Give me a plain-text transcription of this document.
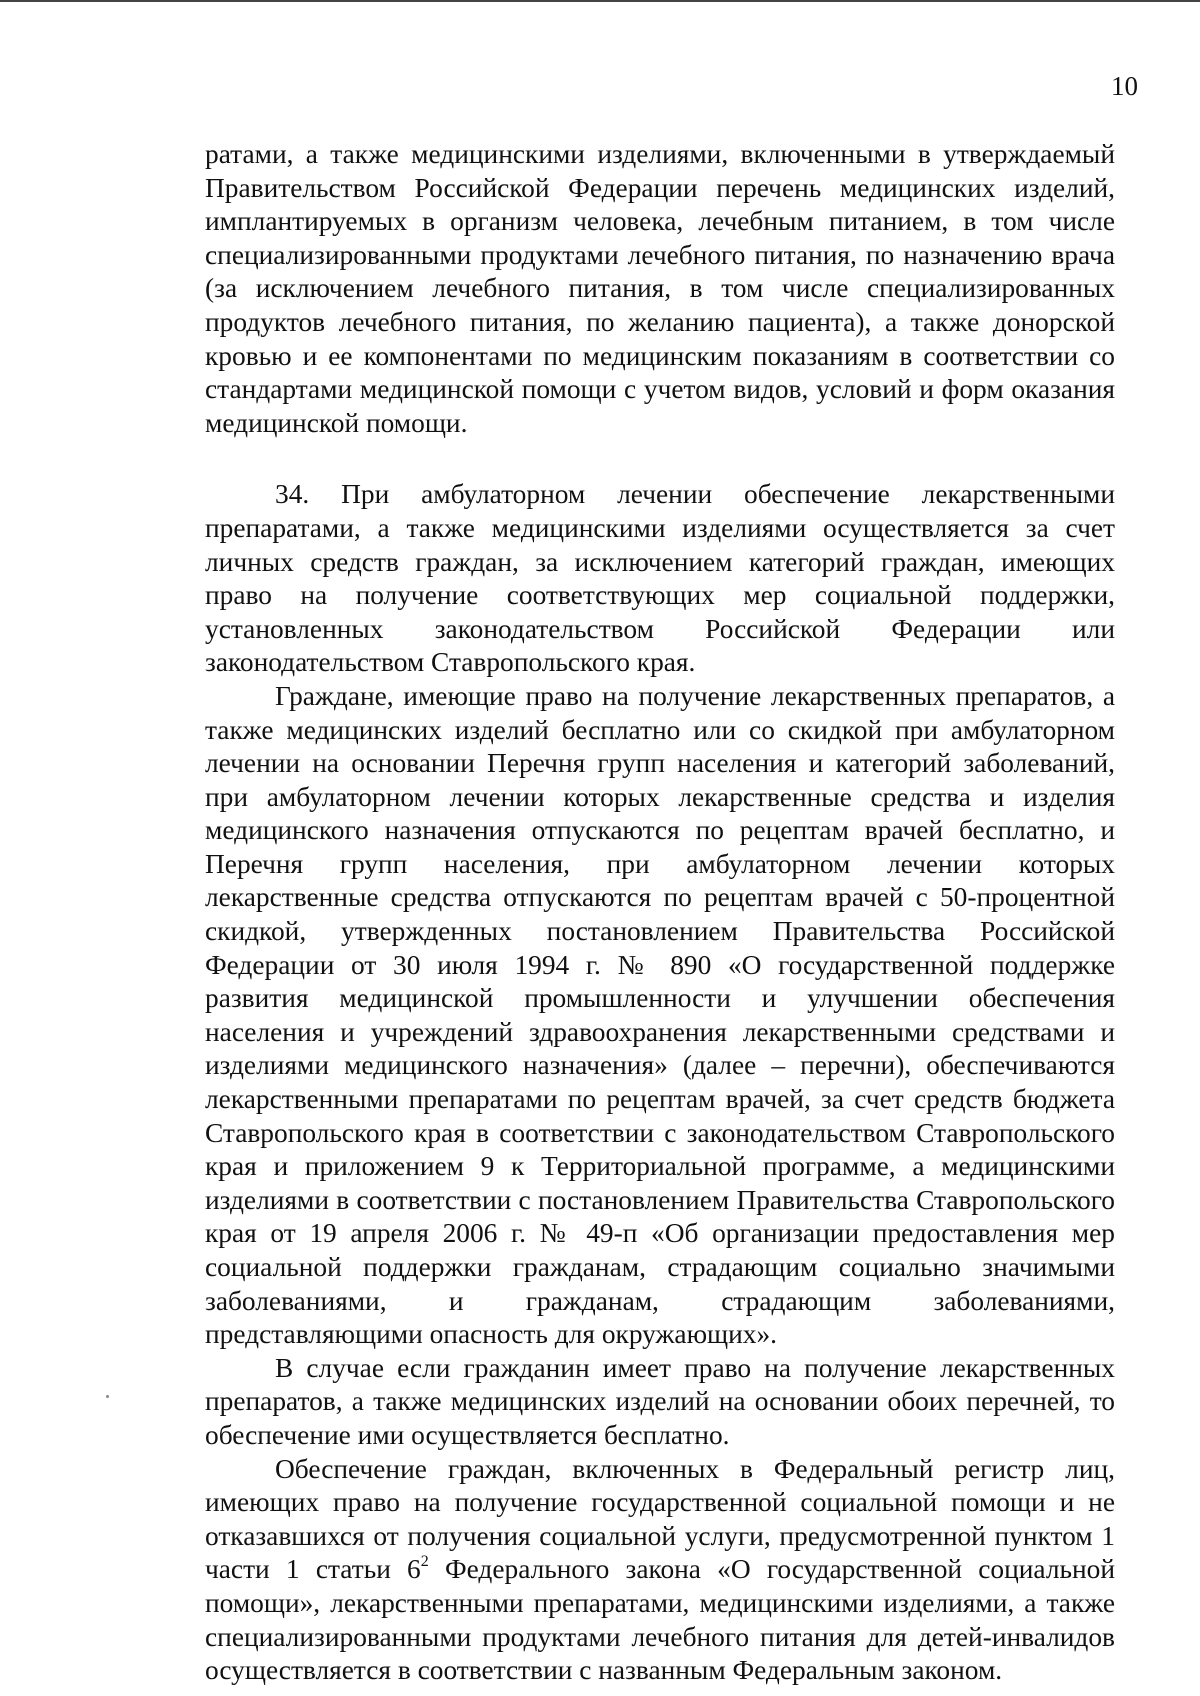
10

ратами, а также медицинскими изделиями, включенными в утверждаемый Правительством Российской Федерации перечень медицинских изделий, имплантируемых в организм человека, лечебным питанием, в том числе специализированными продуктами лечебного питания, по назначению врача (за исключением лечебного питания, в том числе специализированных продуктов лечебного питания, по желанию пациента), а также донорской кровью и ее компонентами по медицинским показаниям в соответствии со стандартами медицинской помощи с учетом видов, условий и форм оказания медицинской помощи.

34. При амбулаторном лечении обеспечение лекарственными препаратами, а также медицинскими изделиями осуществляется за счет личных средств граждан, за исключением категорий граждан, имеющих право на получение соответствующих мер социальной поддержки, установленных законодательством Российской Федерации или законодательством Ставропольского края.

Граждане, имеющие право на получение лекарственных препаратов, а также медицинских изделий бесплатно или со скидкой при амбулаторном лечении на основании Перечня групп населения и категорий заболеваний, при амбулаторном лечении которых лекарственные средства и изделия медицинского назначения отпускаются по рецептам врачей бесплатно, и Перечня групп населения, при амбулаторном лечении которых лекарственные средства отпускаются по рецептам врачей с 50-процентной скидкой, утвержденных постановлением Правительства Российской Федерации от 30 июля 1994 г. № 890 «О государственной поддержке развития медицинской промышленности и улучшении обеспечения населения и учреждений здравоохранения лекарственными средствами и изделиями медицинского назначения» (далее – перечни), обеспечиваются лекарственными препаратами по рецептам врачей, за счет средств бюджета Ставропольского края в соответствии с законодательством Ставропольского края и приложением 9 к Территориальной программе, а медицинскими изделиями в соответствии с постановлением Правительства Ставропольского края от 19 апреля 2006 г. № 49-п «Об организации предоставления мер социальной поддержки гражданам, страдающим социально значимыми заболеваниями, и гражданам, страдающим заболеваниями, представляющими опасность для окружающих».

В случае если гражданин имеет право на получение лекарственных препаратов, а также медицинских изделий на основании обоих перечней, то обеспечение ими осуществляется бесплатно.

Обеспечение граждан, включенных в Федеральный регистр лиц, имеющих право на получение государственной социальной помощи и не отказавшихся от получения социальной услуги, предусмотренной пунктом 1 части 1 статьи $6^2$ Федерального закона «О государственной социальной помощи», лекарственными препаратами, медицинскими изделиями, а также специализированными продуктами лечебного питания для детей-инвалидов осуществляется в соответствии с названным Федеральным законом.
